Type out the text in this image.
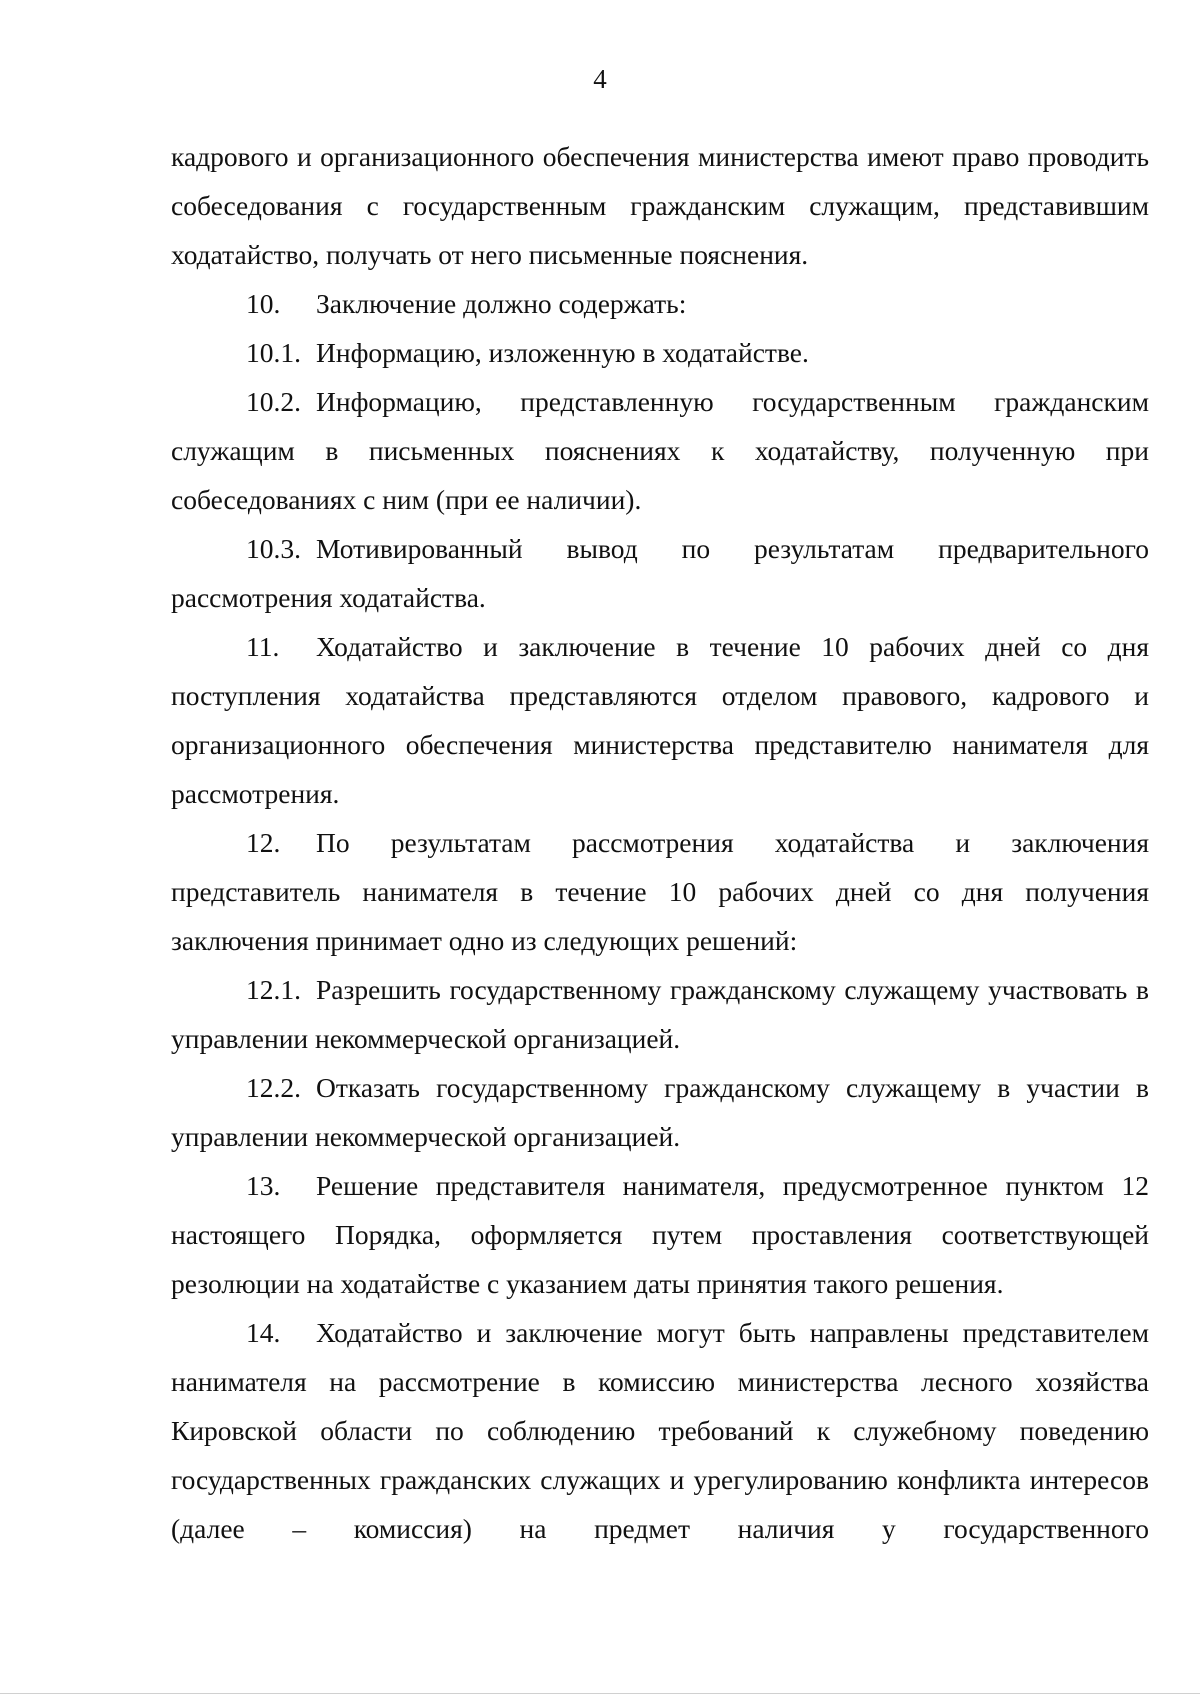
4

кадрового и организационного обеспечения министерства имеют право проводить собеседования с государственным гражданским служащим, представившим ходатайство, получать от него письменные пояснения.

10. Заключение должно содержать:

10.1. Информацию, изложенную в ходатайстве.

10.2. Информацию, представленную государственным гражданским служащим в письменных пояснениях к ходатайству, полученную при собеседованиях с ним (при ее наличии).

10.3. Мотивированный вывод по результатам предварительного рассмотрения ходатайства.

11. Ходатайство и заключение в течение 10 рабочих дней со дня поступления ходатайства представляются отделом правового, кадрового и организационного обеспечения министерства представителю нанимателя для рассмотрения.

12. По результатам рассмотрения ходатайства и заключения представитель нанимателя в течение 10 рабочих дней со дня получения заключения принимает одно из следующих решений:

12.1. Разрешить государственному гражданскому служащему участвовать в управлении некоммерческой организацией.

12.2. Отказать государственному гражданскому служащему в участии в управлении некоммерческой организацией.

13. Решение представителя нанимателя, предусмотренное пунктом 12 настоящего Порядка, оформляется путем проставления соответствующей резолюции на ходатайстве с указанием даты принятия такого решения.

14. Ходатайство и заключение могут быть направлены представителем нанимателя на рассмотрение в комиссию министерства лесного хозяйства Кировской области по соблюдению требований к служебному поведению государственных гражданских служащих и урегулированию конфликта интересов (далее – комиссия) на предмет наличия у государственного
